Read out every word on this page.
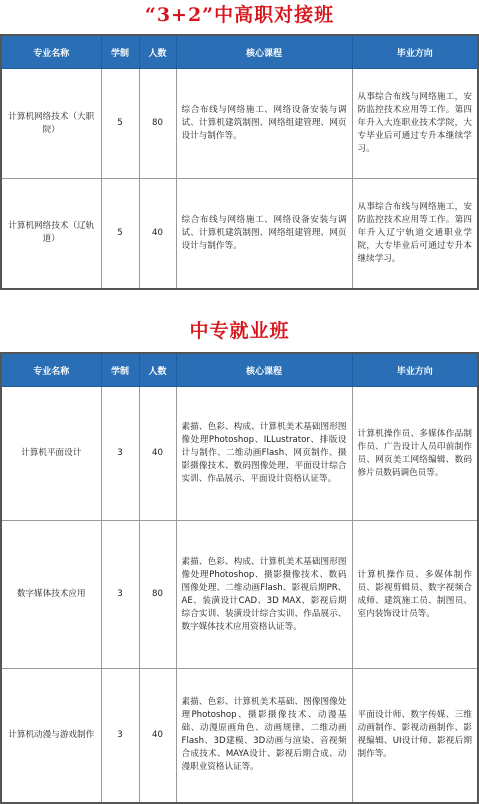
“3+2”中高职对接班
专业名称	学制	人数	核心课程	毕业方向
计算机网络技术（大职院）	5	80	综合布线与网络施工、网络设备安装与调试、计算机建筑制图、网络组建管理、网页设计与制作等。	从事综合布线与网络施工，安防监控技术应用等工作。第四年升入大连职业技术学院，大专毕业后可通过专升本继续学习。
计算机网络技术（辽轨道）	5	40	综合布线与网络施工、网络设备安装与调试、计算机建筑制图、网络组建管理、网页设计与制作等。	从事综合布线与网络施工，安防监控技术应用等工作。第四年升入辽宁轨道交通职业学院，大专毕业后可通过专升本继续学习。
中专就业班
专业名称	学制	人数	核心课程	毕业方向
计算机平面设计	3	40	素描、色彩、构成、计算机美术基础图形图像处理Photoshop、ILLustrator、排版设计与制作、二维动画Flash、网页制作、摄影摄像技术、数码图像处理、平面设计综合实训、作品展示、平面设计资格认证等。	计算机操作员、多媒体作品制作员、广告设计人员印前制作员、网页美工网络编辑、数码修片员数码调色员等。
数字媒体技术应用	3	80	素描、色彩、构成、计算机美术基础图形图像处理Photoshop、摄影摄像技术、数码图像处理、二维动画Flash、影视后期PR、AE、装潢设计CAD、3D MAX、影视后期综合实训、装潢设计综合实训、作品展示、数字媒体技术应用资格认证等。	计算机操作员、多媒体制作员、影视剪辑员、数字视频合成师、建筑施工员、制图员、室内装饰设计员等。
计算机动漫与游戏制作	3	40	素描、色彩、计算机美术基础、图像图像处理Photoshop、摄影摄像技术、动漫基础、动漫原画角色、动画规律、二维动画Flash、3D建模、3D动画与渲染、音视频合成技术、MAYA设计、影视后期合成、动漫职业资格认证等。	平面设计师、数字传媒、三维动画制作、影视动画制作、影视编辑、UI设计师、影视后期制作等。
